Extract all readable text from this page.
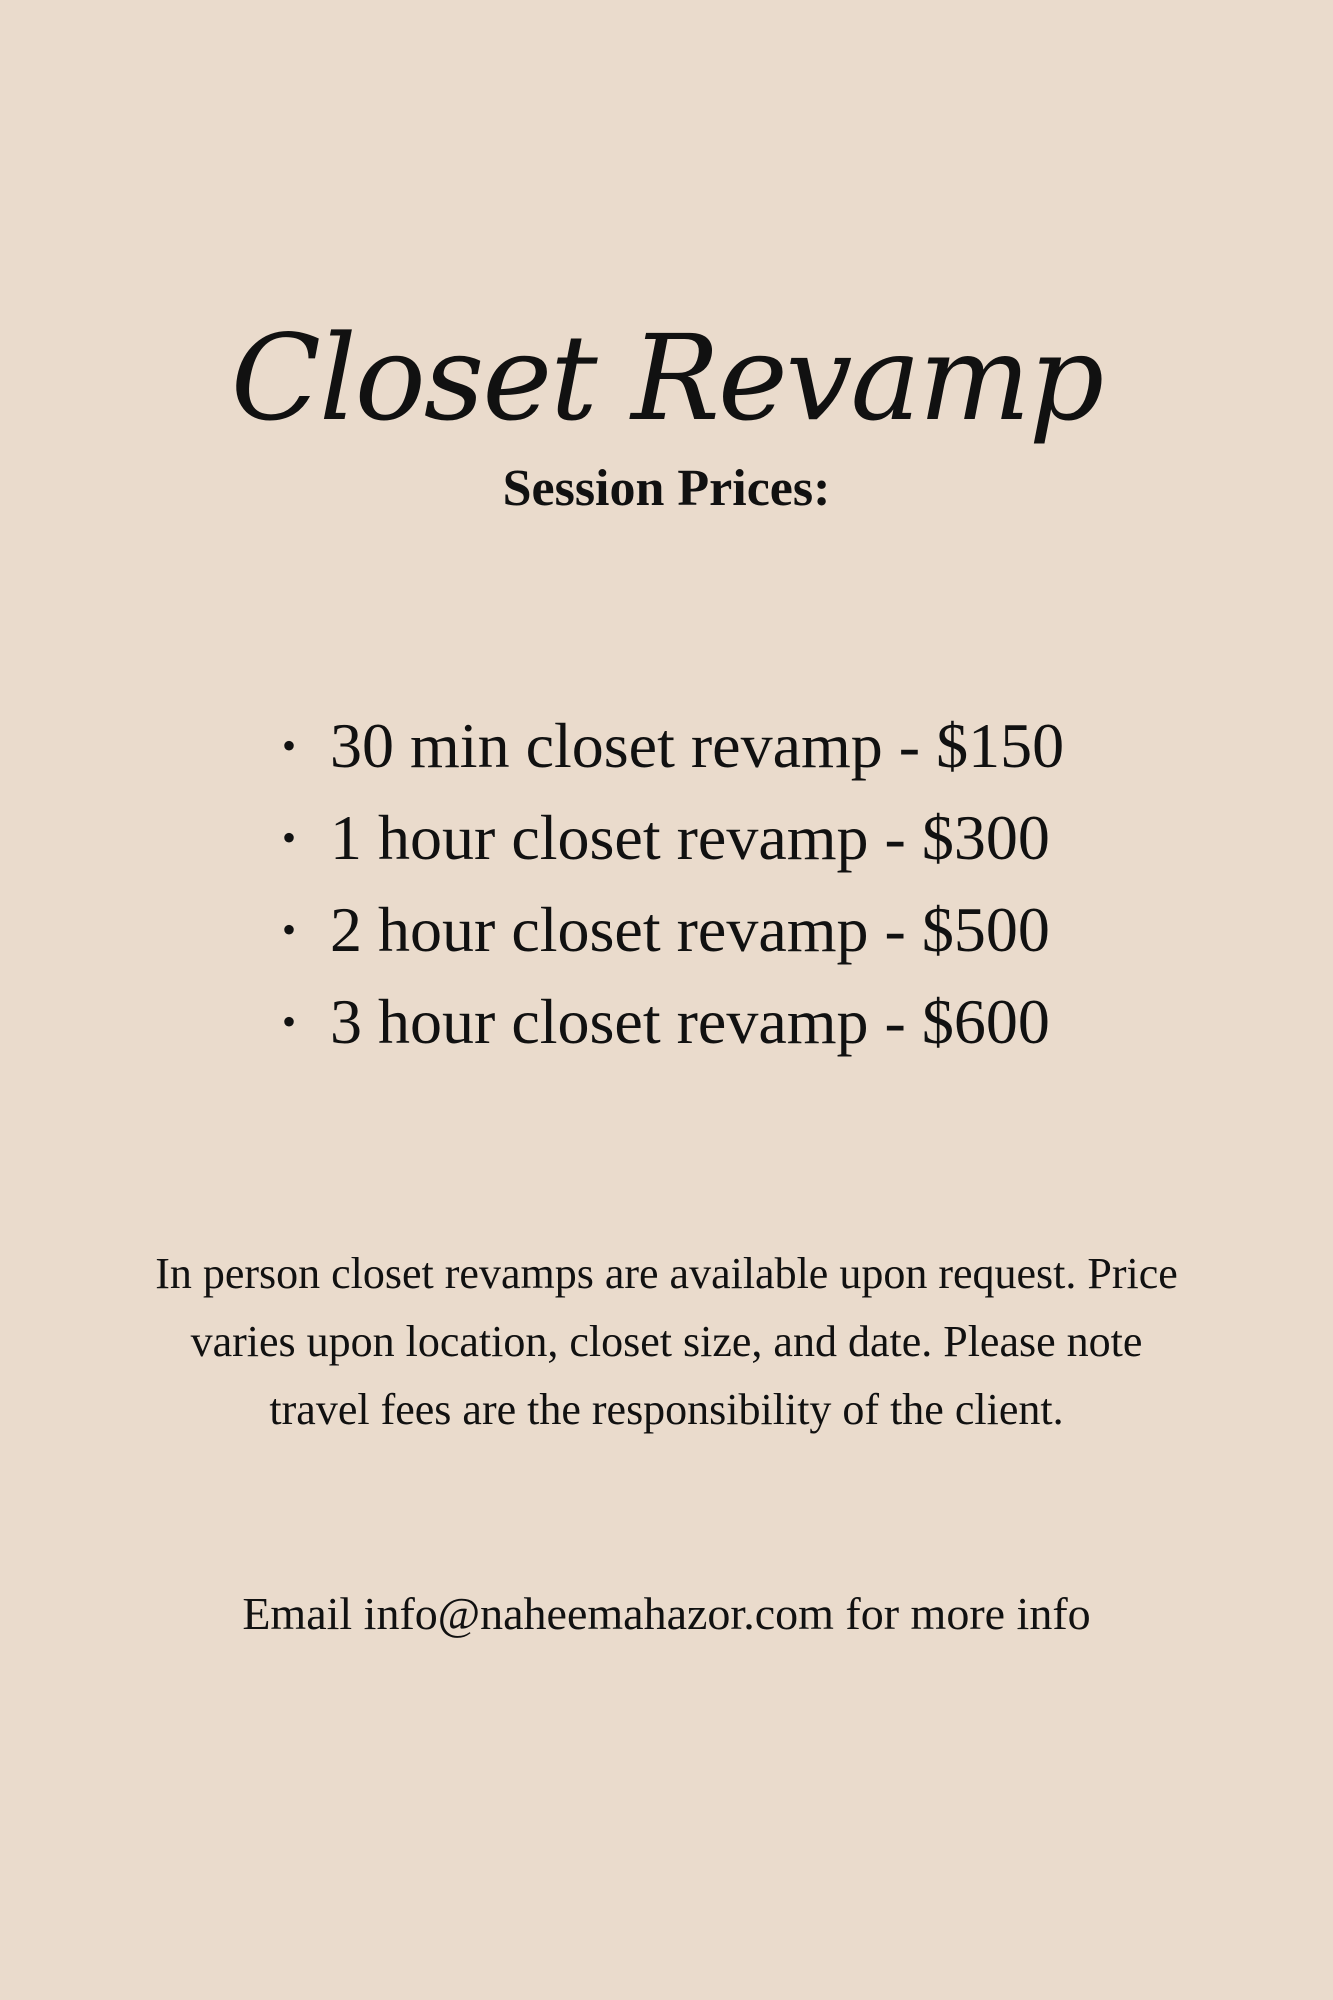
Closet Revamp
Session Prices:
• 30 min closet revamp - $150
• 1 hour closet revamp - $300
• 2 hour closet revamp - $500
• 3 hour closet revamp - $600

In person closet revamps are available upon request. Price varies upon location, closet size, and date. Please note travel fees are the responsibility of the client.

Email info@naheemahazor.com for more info
